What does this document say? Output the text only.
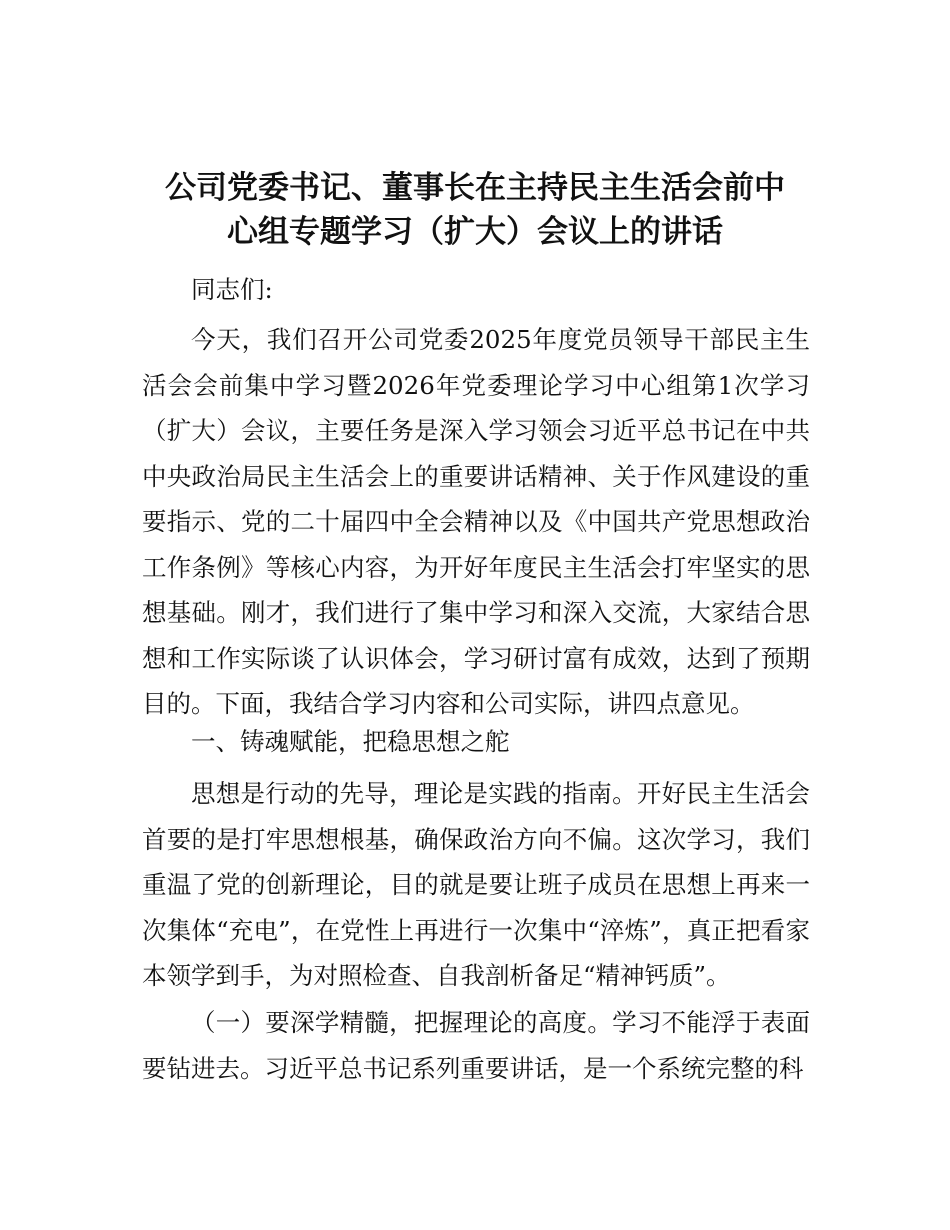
公司党委书记、董事长在主持民主生活会前中
心组专题学习（扩大）会议上的讲话

同志们:

今天，我们召开公司党委2025年度党员领导干部民主生活会会前集中学习暨2026年党委理论学习中心组第1次学习（扩大）会议，主要任务是深入学习领会习近平总书记在中共中央政治局民主生活会上的重要讲话精神、关于作风建设的重要指示、党的二十届四中全会精神以及《中国共产党思想政治工作条例》等核心内容，为开好年度民主生活会打牢坚实的思想基础。刚才，我们进行了集中学习和深入交流，大家结合思想和工作实际谈了认识体会，学习研讨富有成效，达到了预期目的。下面，我结合学习内容和公司实际，讲四点意见。

一、铸魂赋能，把稳思想之舵

思想是行动的先导，理论是实践的指南。开好民主生活会首要的是打牢思想根基，确保政治方向不偏。这次学习，我们重温了党的创新理论，目的就是要让班子成员在思想上再来一次集体“充电”，在党性上再进行一次集中“淬炼”，真正把看家本领学到手，为对照检查、自我剖析备足“精神钙质”。

（一）要深学精髓，把握理论的高度。学习不能浮于表面要钻进去。习近平总书记系列重要讲话，是一个系统完整的科
